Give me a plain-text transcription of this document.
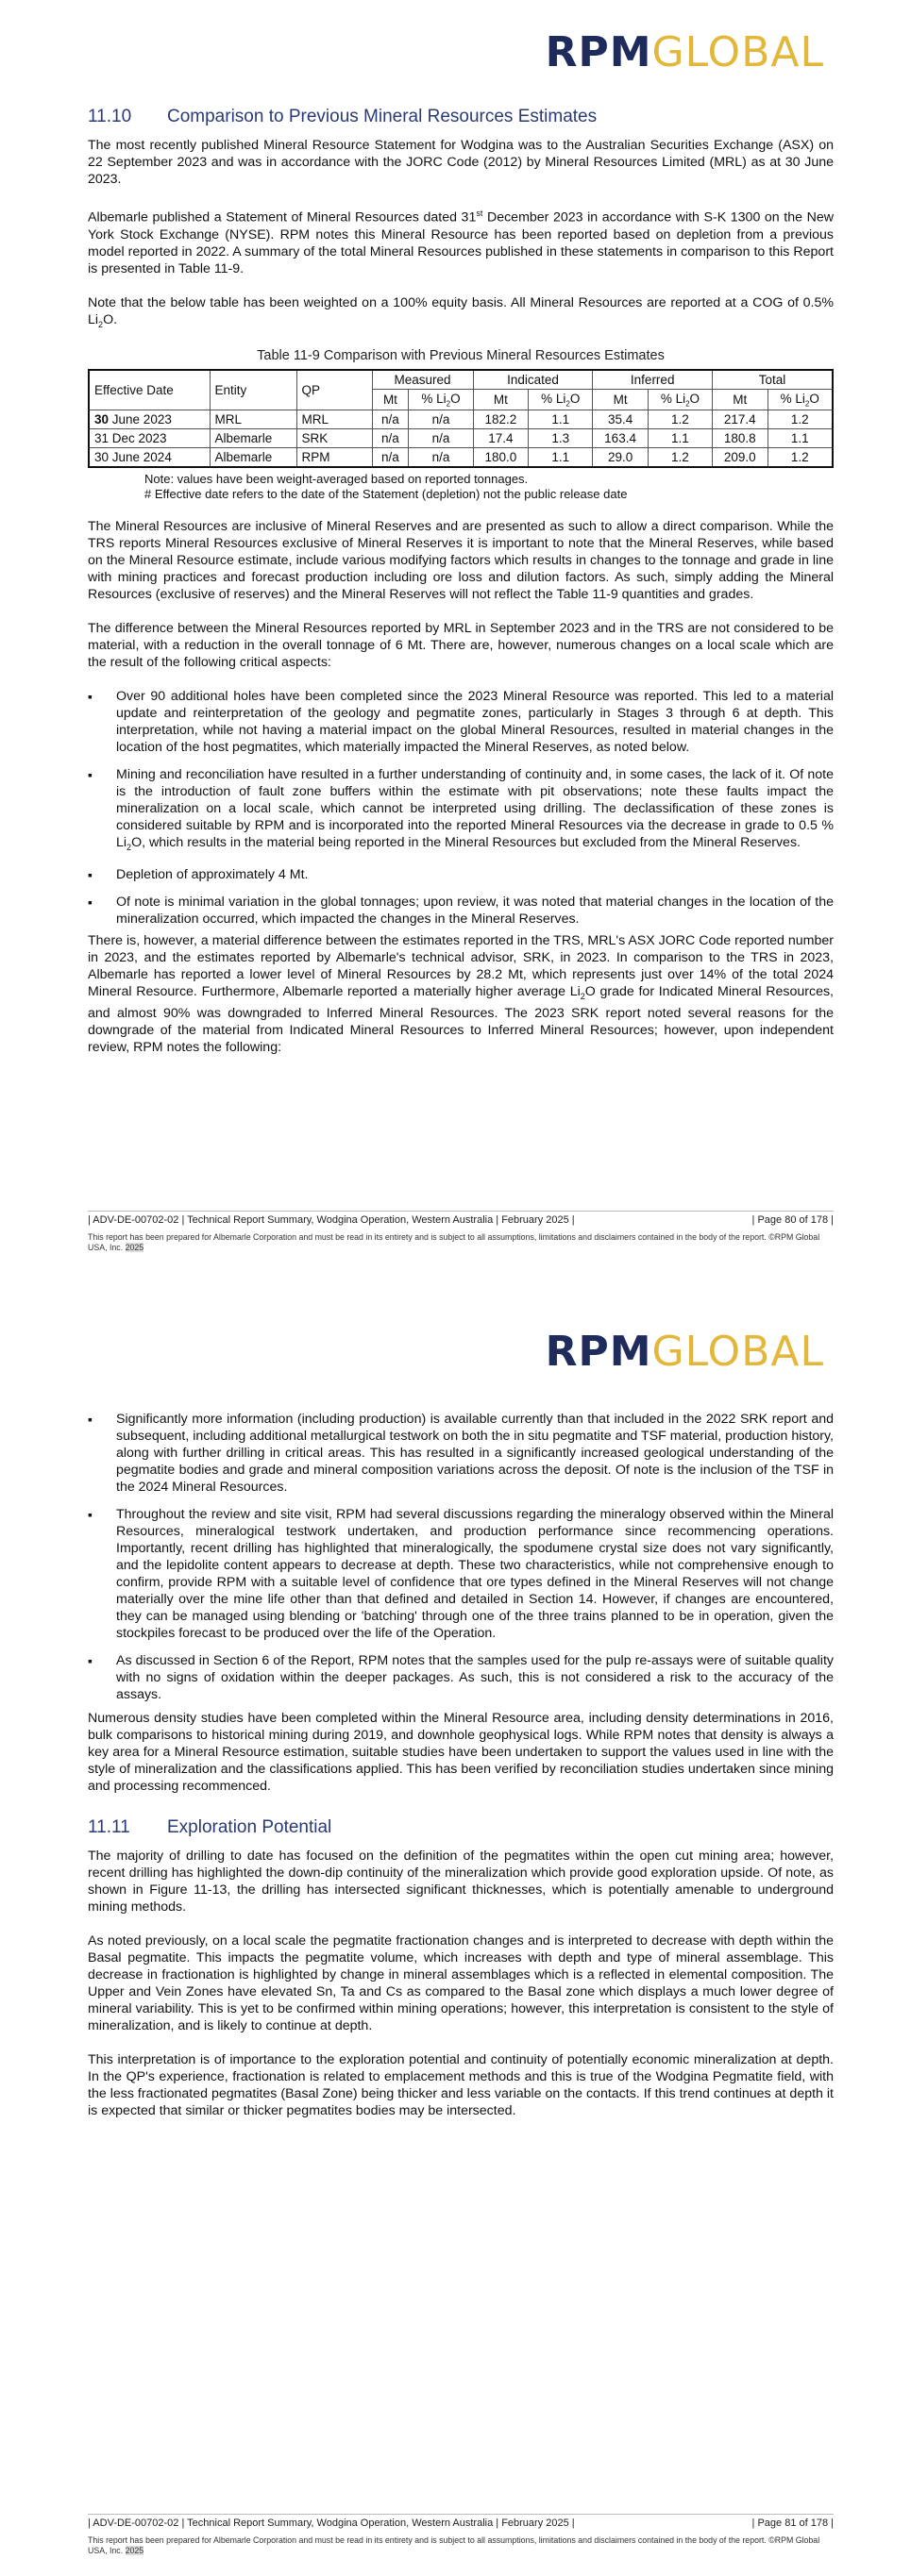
RPMGLOBAL
11.10	Comparison to Previous Mineral Resources Estimates

The most recently published Mineral Resource Statement for Wodgina was to the Australian Securities Exchange (ASX) on 22 September 2023 and was in accordance with the JORC Code (2012) by Mineral Resources Limited (MRL) as at 30 June 2023.

Albemarle published a Statement of Mineral Resources dated 31st December 2023 in accordance with S-K 1300 on the New York Stock Exchange (NYSE). RPM notes this Mineral Resource has been reported based on depletion from a previous model reported in 2022. A summary of the total Mineral Resources published in these statements in comparison to this Report is presented in Table 11-9.

Note that the below table has been weighted on a 100% equity basis. All Mineral Resources are reported at a COG of 0.5% $Li_2O$.

Table 11-9 Comparison with Previous Mineral Resources Estimates
Effective Date	Entity	QP	Measured		Indicated		Inferred		Total	
			Mt	% $Li_2O$	Mt	% $Li_2O$	Mt	% $Li_2O$	Mt	% $Li_2O$
30 June 2023	MRL	MRL	n/a	n/a	182.2	1.1	35.4	1.2	217.4	1.2
31 Dec 2023	Albemarle	SRK	n/a	n/a	17.4	1.3	163.4	1.1	180.8	1.1
30 June 2024	Albemarle	RPM	n/a	n/a	180.0	1.1	29.0	1.2	209.0	1.2
Note: values have been weight-averaged based on reported tonnages.
# Effective date refers to the date of the Statement (depletion) not the public release date

The Mineral Resources are inclusive of Mineral Reserves and are presented as such to allow a direct comparison. While the TRS reports Mineral Resources exclusive of Mineral Reserves it is important to note that the Mineral Reserves, while based on the Mineral Resource estimate, include various modifying factors which results in changes to the tonnage and grade in line with mining practices and forecast production including ore loss and dilution factors. As such, simply adding the Mineral Resources (exclusive of reserves) and the Mineral Reserves will not reflect the Table 11-9 quantities and grades.

The difference between the Mineral Resources reported by MRL in September 2023 and in the TRS are not considered to be material, with a reduction in the overall tonnage of 6 Mt. There are, however, numerous changes on a local scale which are the result of the following critical aspects:

▪ Over 90 additional holes have been completed since the 2023 Mineral Resource was reported. This led to a material update and reinterpretation of the geology and pegmatite zones, particularly in Stages 3 through 6 at depth. This interpretation, while not having a material impact on the global Mineral Resources, resulted in material changes in the location of the host pegmatites, which materially impacted the Mineral Reserves, as noted below.
▪ Mining and reconciliation have resulted in a further understanding of continuity and, in some cases, the lack of it. Of note is the introduction of fault zone buffers within the estimate with pit observations; note these faults impact the mineralization on a local scale, which cannot be interpreted using drilling. The declassification of these zones is considered suitable by RPM and is incorporated into the reported Mineral Resources via the decrease in grade to 0.5 % $Li_2O$, which results in the material being reported in the Mineral Resources but excluded from the Mineral Reserves.
▪ Depletion of approximately 4 Mt.
▪ Of note is minimal variation in the global tonnages; upon review, it was noted that material changes in the location of the mineralization occurred, which impacted the changes in the Mineral Reserves.

There is, however, a material difference between the estimates reported in the TRS, MRL's ASX JORC Code reported number in 2023, and the estimates reported by Albemarle's technical advisor, SRK, in 2023. In comparison to the TRS in 2023, Albemarle has reported a lower level of Mineral Resources by 28.2 Mt, which represents just over 14% of the total 2024 Mineral Resource. Furthermore, Albemarle reported a materially higher average $Li_2O$ grade for Indicated Mineral Resources, and almost 90% was downgraded to Inferred Mineral Resources. The 2023 SRK report noted several reasons for the downgrade of the material from Indicated Mineral Resources to Inferred Mineral Resources; however, upon independent review, RPM notes the following:

| ADV-DE-00702-02 | Technical Report Summary, Wodgina Operation, Western Australia | February 2025 |	| Page 80 of 178 |
This report has been prepared for Albemarle Corporation and must be read in its entirety and is subject to all assumptions, limitations and disclaimers contained in the body of the report. ©RPM Global USA, Inc. 2025
RPMGLOBAL
▪ Significantly more information (including production) is available currently than that included in the 2022 SRK report and subsequent, including additional metallurgical testwork on both the in situ pegmatite and TSF material, production history, along with further drilling in critical areas. This has resulted in a significantly increased geological understanding of the pegmatite bodies and grade and mineral composition variations across the deposit. Of note is the inclusion of the TSF in the 2024 Mineral Resources.
▪ Throughout the review and site visit, RPM had several discussions regarding the mineralogy observed within the Mineral Resources, mineralogical testwork undertaken, and production performance since recommencing operations. Importantly, recent drilling has highlighted that mineralogically, the spodumene crystal size does not vary significantly, and the lepidolite content appears to decrease at depth. These two characteristics, while not comprehensive enough to confirm, provide RPM with a suitable level of confidence that ore types defined in the Mineral Reserves will not change materially over the mine life other than that defined and detailed in Section 14. However, if changes are encountered, they can be managed using blending or 'batching' through one of the three trains planned to be in operation, given the stockpiles forecast to be produced over the life of the Operation.
▪ As discussed in Section 6 of the Report, RPM notes that the samples used for the pulp re-assays were of suitable quality with no signs of oxidation within the deeper packages. As such, this is not considered a risk to the accuracy of the assays.

Numerous density studies have been completed within the Mineral Resource area, including density determinations in 2016, bulk comparisons to historical mining during 2019, and downhole geophysical logs. While RPM notes that density is always a key area for a Mineral Resource estimation, suitable studies have been undertaken to support the values used in line with the style of mineralization and the classifications applied. This has been verified by reconciliation studies undertaken since mining and processing recommenced.

11.11	Exploration Potential

The majority of drilling to date has focused on the definition of the pegmatites within the open cut mining area; however, recent drilling has highlighted the down-dip continuity of the mineralization which provide good exploration upside. Of note, as shown in Figure 11-13, the drilling has intersected significant thicknesses, which is potentially amenable to underground mining methods.

As noted previously, on a local scale the pegmatite fractionation changes and is interpreted to decrease with depth within the Basal pegmatite. This impacts the pegmatite volume, which increases with depth and type of mineral assemblage. This decrease in fractionation is highlighted by change in mineral assemblages which is a reflected in elemental composition. The Upper and Vein Zones have elevated Sn, Ta and Cs as compared to the Basal zone which displays a much lower degree of mineral variability. This is yet to be confirmed within mining operations; however, this interpretation is consistent to the style of mineralization, and is likely to continue at depth.

This interpretation is of importance to the exploration potential and continuity of potentially economic mineralization at depth. In the QP's experience, fractionation is related to emplacement methods and this is true of the Wodgina Pegmatite field, with the less fractionated pegmatites (Basal Zone) being thicker and less variable on the contacts. If this trend continues at depth it is expected that similar or thicker pegmatites bodies may be intersected.

| ADV-DE-00702-02 | Technical Report Summary, Wodgina Operation, Western Australia | February 2025 |	| Page 81 of 178 |
This report has been prepared for Albemarle Corporation and must be read in its entirety and is subject to all assumptions, limitations and disclaimers contained in the body of the report. ©RPM Global USA, Inc. 2025
